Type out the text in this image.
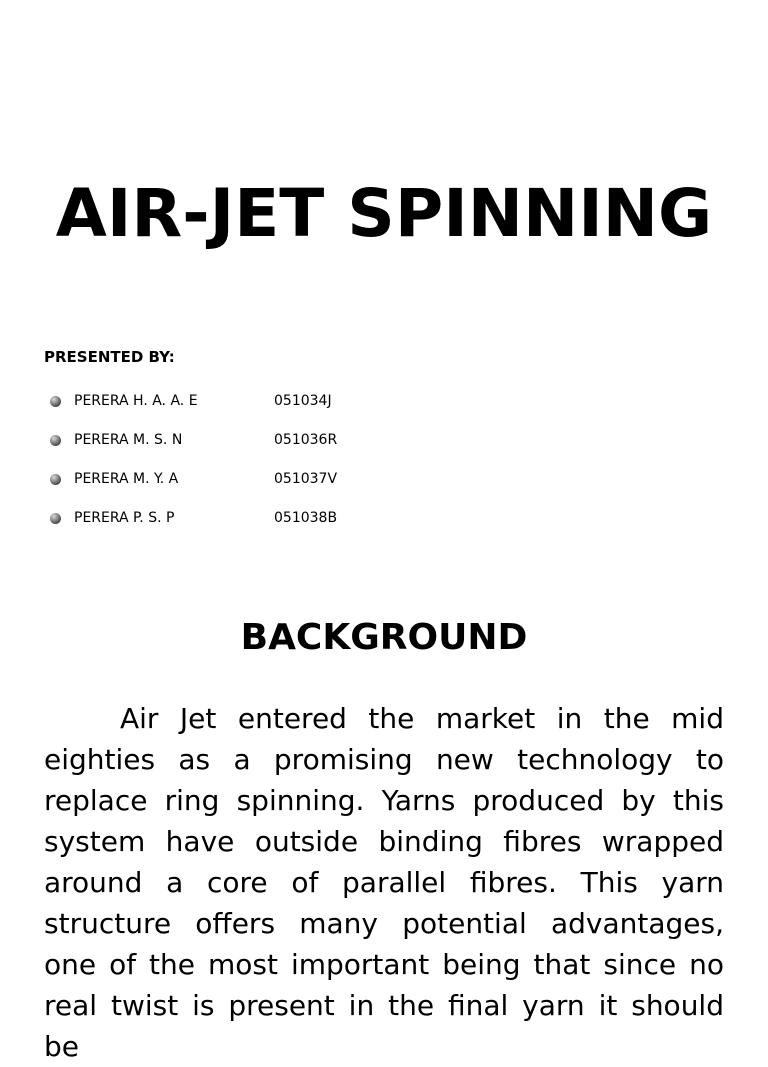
AIR-JET SPINNING

PRESENTED BY:

PERERA H. A. A. E	051034J
PERERA M. S. N	051036R
PERERA M. Y. A	051037V
PERERA P. S. P	051038B
BACKGROUND

Air Jet entered the market in the mid eighties as a promising new technology to replace ring spinning. Yarns produced by this system have outside binding fibres wrapped around a core of parallel fibres. This yarn structure offers many potential advantages, one of the most important being that since no real twist is present in the final yarn it should be
